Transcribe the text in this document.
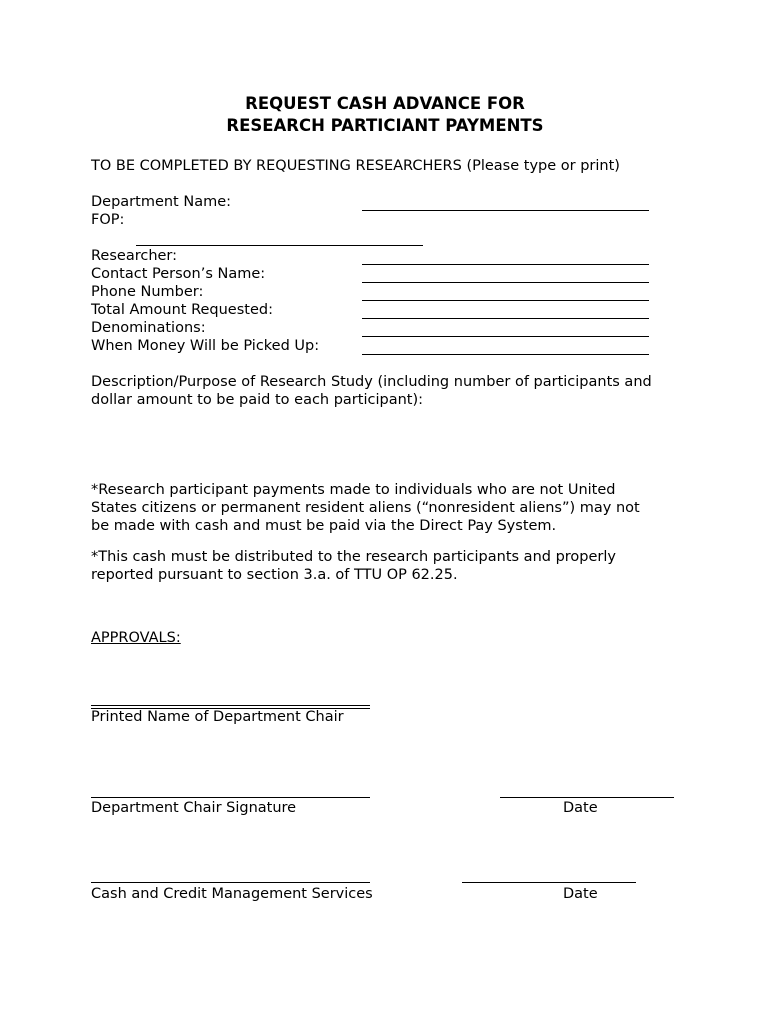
REQUEST CASH ADVANCE FOR
RESEARCH PARTICIANT PAYMENTS
TO BE COMPLETED BY REQUESTING RESEARCHERS (Please type or print)
Department Name:
FOP:
Researcher:
Contact Person’s Name:
Phone Number:
Total Amount Requested:
Denominations:
When Money Will be Picked Up:
Description/Purpose of Research Study (including number of participants and
dollar amount to be paid to each participant):
*Research participant payments made to individuals who are not United
States citizens or permanent resident aliens (“nonresident aliens”) may not
be made with cash and must be paid via the Direct Pay System.
*This cash must be distributed to the research participants and properly
reported pursuant to section 3.a. of TTU OP 62.25.
APPROVALS:
Printed Name of Department Chair
Department Chair Signature	Date
Cash and Credit Management Services	Date
